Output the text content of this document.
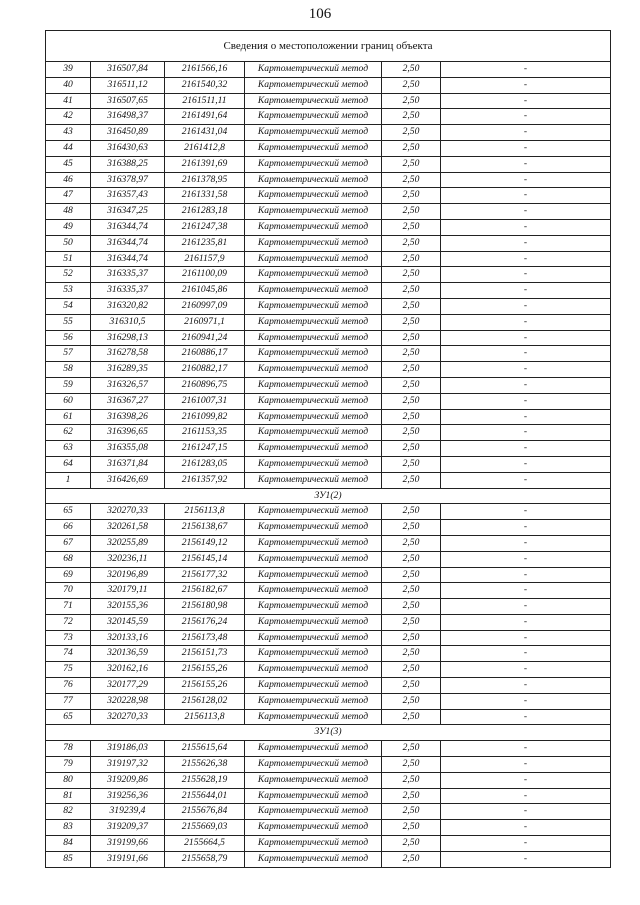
106
Сведения о местоположении границ объекта					
39	316507,84	2161566,16	Картометрический метод	2,50	-
40	316511,12	2161540,32	Картометрический метод	2,50	-
41	316507,65	2161511,11	Картометрический метод	2,50	-
42	316498,37	2161491,64	Картометрический метод	2,50	-
43	316450,89	2161431,04	Картометрический метод	2,50	-
44	316430,63	2161412,8	Картометрический метод	2,50	-
45	316388,25	2161391,69	Картометрический метод	2,50	-
46	316378,97	2161378,95	Картометрический метод	2,50	-
47	316357,43	2161331,58	Картометрический метод	2,50	-
48	316347,25	2161283,18	Картометрический метод	2,50	-
49	316344,74	2161247,38	Картометрический метод	2,50	-
50	316344,74	2161235,81	Картометрический метод	2,50	-
51	316344,74	2161157,9	Картометрический метод	2,50	-
52	316335,37	2161100,09	Картометрический метод	2,50	-
53	316335,37	2161045,86	Картометрический метод	2,50	-
54	316320,82	2160997,09	Картометрический метод	2,50	-
55	316310,5	2160971,1	Картометрический метод	2,50	-
56	316298,13	2160941,24	Картометрический метод	2,50	-
57	316278,58	2160886,17	Картометрический метод	2,50	-
58	316289,35	2160882,17	Картометрический метод	2,50	-
59	316326,57	2160896,75	Картометрический метод	2,50	-
60	316367,27	2161007,31	Картометрический метод	2,50	-
61	316398,26	2161099,82	Картометрический метод	2,50	-
62	316396,65	2161153,35	Картометрический метод	2,50	-
63	316355,08	2161247,15	Картометрический метод	2,50	-
64	316371,84	2161283,05	Картометрический метод	2,50	-
1	316426,69	2161357,92	Картометрический метод	2,50	-
ЗУ1(2)					
65	320270,33	2156113,8	Картометрический метод	2,50	-
66	320261,58	2156138,67	Картометрический метод	2,50	-
67	320255,89	2156149,12	Картометрический метод	2,50	-
68	320236,11	2156145,14	Картометрический метод	2,50	-
69	320196,89	2156177,32	Картометрический метод	2,50	-
70	320179,11	2156182,67	Картометрический метод	2,50	-
71	320155,36	2156180,98	Картометрический метод	2,50	-
72	320145,59	2156176,24	Картометрический метод	2,50	-
73	320133,16	2156173,48	Картометрический метод	2,50	-
74	320136,59	2156151,73	Картометрический метод	2,50	-
75	320162,16	2156155,26	Картометрический метод	2,50	-
76	320177,29	2156155,26	Картометрический метод	2,50	-
77	320228,98	2156128,02	Картометрический метод	2,50	-
65	320270,33	2156113,8	Картометрический метод	2,50	-
ЗУ1(3)					
78	319186,03	2155615,64	Картометрический метод	2,50	-
79	319197,32	2155626,38	Картометрический метод	2,50	-
80	319209,86	2155628,19	Картометрический метод	2,50	-
81	319256,36	2155644,01	Картометрический метод	2,50	-
82	319239,4	2155676,84	Картометрический метод	2,50	-
83	319209,37	2155669,03	Картометрический метод	2,50	-
84	319199,66	2155664,5	Картометрический метод	2,50	-
85	319191,66	2155658,79	Картометрический метод	2,50	-
